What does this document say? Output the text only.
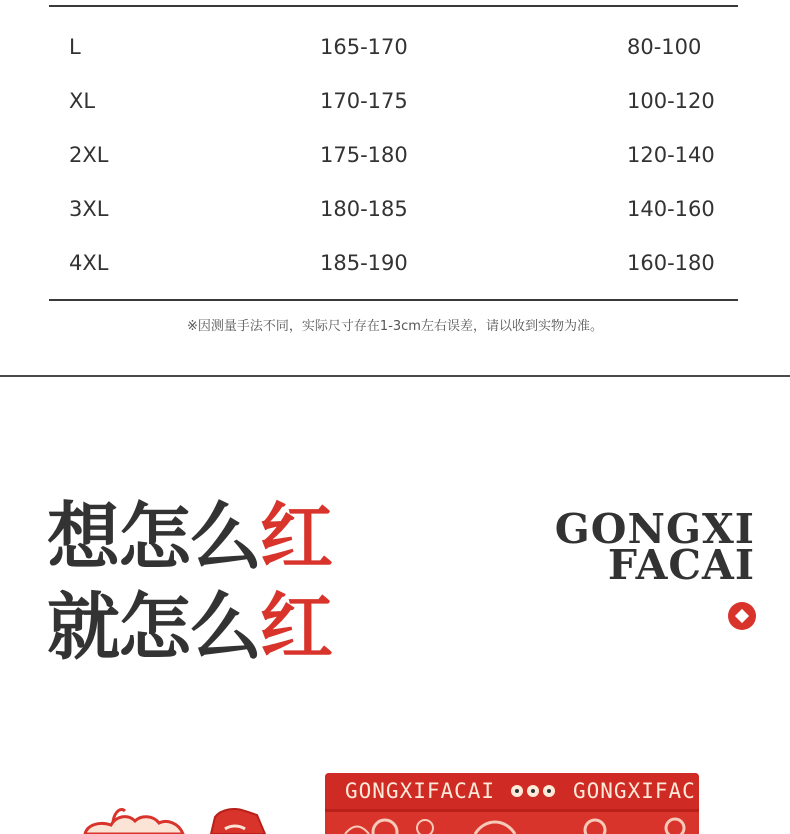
L	165-170	80-100
XL	170-175	100-120
2XL	175-180	120-140
3XL	180-185	140-160
4XL	185-190	160-180
※因测量手法不同，实际尺寸存在1-3cm左右误差，请以收到实物为准。
想怎么红
就怎么红
GONGXI
FACAI
GONGXIFACAI	GONGXIFAC
